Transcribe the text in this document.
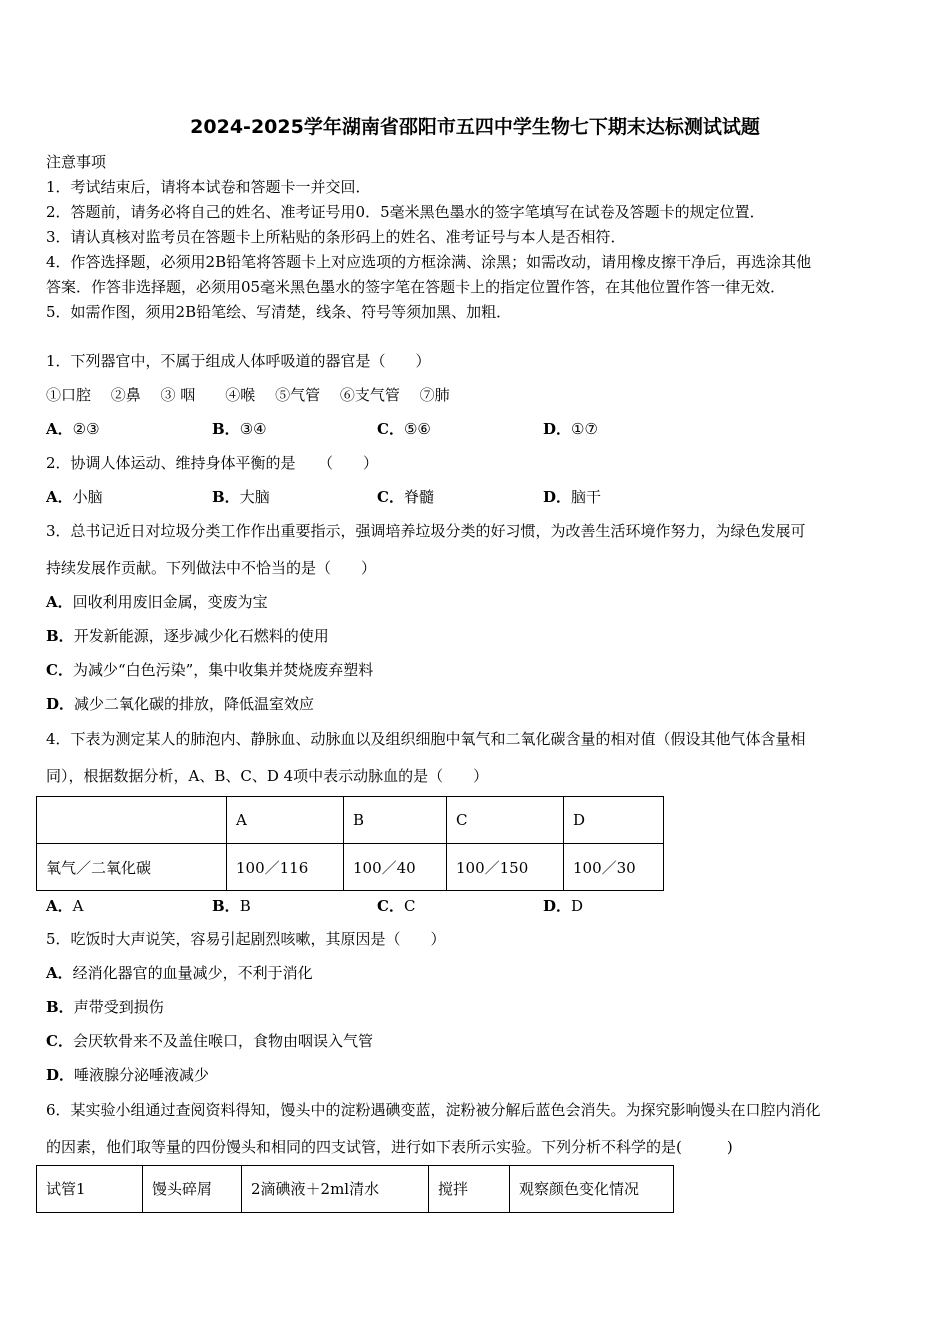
2024-2025学年湖南省邵阳市五四中学生物七下期末达标测试试题
注意事项
1．考试结束后，请将本试卷和答题卡一并交回．
2．答题前，请务必将自己的姓名、准考证号用0．5毫米黑色墨水的签字笔填写在试卷及答题卡的规定位置．
3．请认真核对监考员在答题卡上所粘贴的条形码上的姓名、准考证号与本人是否相符．
4．作答选择题，必须用2B铅笔将答题卡上对应选项的方框涂满、涂黑；如需改动，请用橡皮擦干净后，再选涂其他
答案．作答非选择题，必须用05毫米黑色墨水的签字笔在答题卡上的指定位置作答，在其他位置作答一律无效．
5．如需作图，须用2B铅笔绘、写清楚，线条、符号等须加黑、加粗．
1．下列器官中，不属于组成人体呼吸道的器官是（　　）
①口腔　 ②鼻　 ③ 咽　　④喉　 ⑤气管　 ⑥支气管　 ⑦肺
A．②③	B．③④	C．⑤⑥	D．①⑦
2．协调人体运动、维持身体平衡的是　　（　　）
A．小脑	B．大脑	C．脊髓	D．脑干
3．总书记近日对垃圾分类工作作出重要指示，强调培养垃圾分类的好习惯，为改善生活环境作努力，为绿色发展可
持续发展作贡献。下列做法中不恰当的是（　　）
A．回收利用废旧金属，变废为宝
B．开发新能源，逐步减少化石燃料的使用
C．为减少“白色污染”，集中收集并焚烧废弃塑料
D．减少二氧化碳的排放，降低温室效应
4．下表为测定某人的肺泡内、静脉血、动脉血以及组织细胞中氧气和二氧化碳含量的相对值（假设其他气体含量相
同），根据数据分析，A、B、C、D 4项中表示动脉血的是（　　）
	A	B	C	D
氧气／二氧化碳	100／116	100／40	100／150	100／30
A．A	B．B	C．C	D．D
5．吃饭时大声说笑，容易引起剧烈咳嗽，其原因是（　　）
A．经消化器官的血量减少，不利于消化
B．声带受到损伤
C．会厌软骨来不及盖住喉口，食物由咽误入气管
D．唾液腺分泌唾液减少
6．某实验小组通过查阅资料得知，馒头中的淀粉遇碘变蓝，淀粉被分解后蓝色会消失。为探究影响馒头在口腔内消化
的因素，他们取等量的四份馒头和相同的四支试管，进行如下表所示实验。下列分析不科学的是(　　　)
试管1	馒头碎屑	2滴碘液＋2ml清水	搅拌	观察颜色变化情况
